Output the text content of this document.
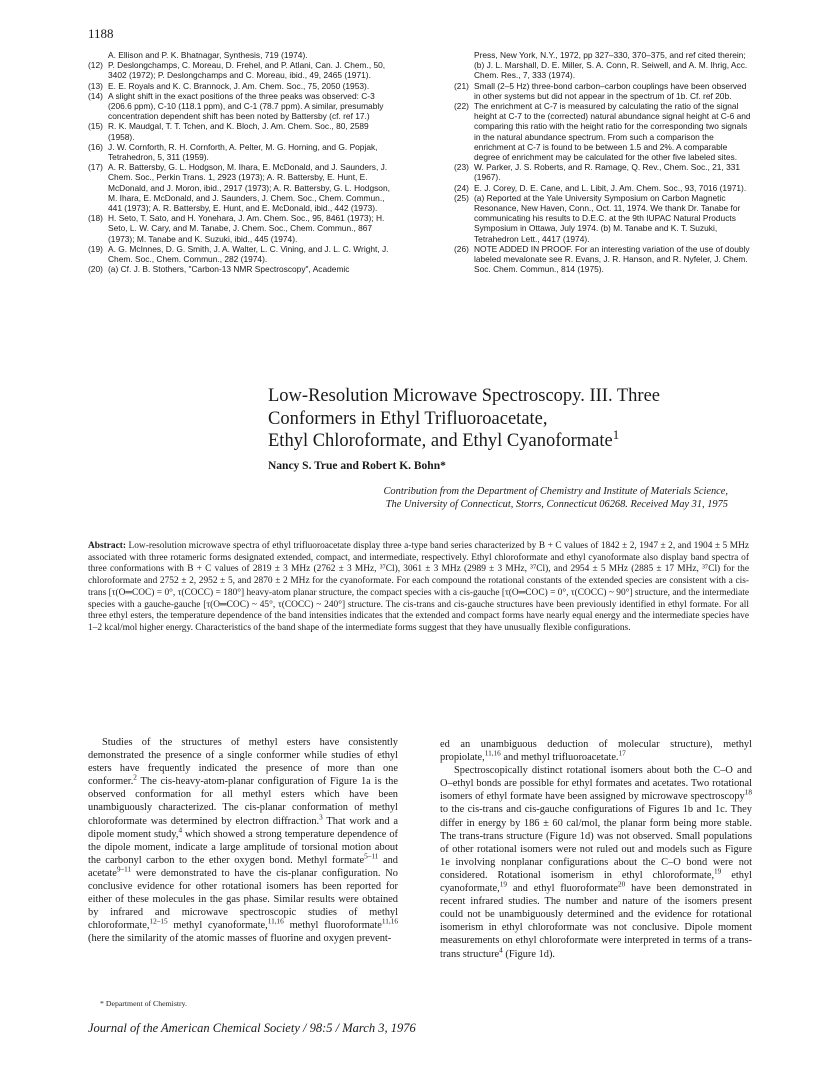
1188

A. Ellison and P. K. Bhatnagar, Synthesis, 719 (1974).

(12) P. Deslongchamps, C. Moreau, D. Frehel, and P. Atlani, Can. J. Chem., 50, 3402 (1972); P. Deslongchamps and C. Moreau, ibid., 49, 2465 (1971).

(13) E. E. Royals and K. C. Brannock, J. Am. Chem. Soc., 75, 2050 (1953).

(14) A slight shift in the exact positions of the three peaks was observed: C-3 (206.6 ppm), C-10 (118.1 ppm), and C-1 (78.7 ppm). A similar, presumably concentration dependent shift has been noted by Battersby (cf. ref 17.)

(15) R. K. Maudgal, T. T. Tchen, and K. Bloch, J. Am. Chem. Soc., 80, 2589 (1958).

(16) J. W. Cornforth, R. H. Cornforth, A. Pelter, M. G. Horning, and G. Popjak, Tetrahedron, 5, 311 (1959).

(17) A. R. Battersby, G. L. Hodgson, M. Ihara, E. McDonald, and J. Saunders, J. Chem. Soc., Perkin Trans. 1, 2923 (1973); A. R. Battersby, E. Hunt, E. McDonald, and J. Moron, ibid., 2917 (1973); A. R. Battersby, G. L. Hodgson, M. Ihara, E. McDonald, and J. Saunders, J. Chem. Soc., Chem. Commun., 441 (1973); A. R. Battersby, E. Hunt, and E. McDonald, ibid., 442 (1973).

(18) H. Seto, T. Sato, and H. Yonehara, J. Am. Chem. Soc., 95, 8461 (1973); H. Seto, L. W. Cary, and M. Tanabe, J. Chem. Soc., Chem. Commun., 867 (1973); M. Tanabe and K. Suzuki, ibid., 445 (1974).

(19) A. G. McInnes, D. G. Smith, J. A. Walter, L. C. Vining, and J. L. C. Wright, J. Chem. Soc., Chem. Commun., 282 (1974).

(20) (a) Cf. J. B. Stothers, "Carbon-13 NMR Spectroscopy", Academic

Press, New York, N.Y., 1972, pp 327–330, 370–375, and ref cited therein; (b) J. L. Marshall, D. E. Miller, S. A. Conn, R. Seiwell, and A. M. Ihrig, Acc. Chem. Res., 7, 333 (1974).

(21) Small (2–5 Hz) three-bond carbon–carbon couplings have been observed in other systems but did not appear in the spectrum of 1b. Cf. ref 20b.

(22) The enrichment at C-7 is measured by calculating the ratio of the signal height at C-7 to the (corrected) natural abundance signal height at C-6 and comparing this ratio with the height ratio for the corresponding two signals in the natural abundance spectrum. From such a comparison the enrichment at C-7 is found to be between 1.5 and 2%. A comparable degree of enrichment may be calculated for the other five labeled sites.

(23) W. Parker, J. S. Roberts, and R. Ramage, Q. Rev., Chem. Soc., 21, 331 (1967).

(24) E. J. Corey, D. E. Cane, and L. Libit, J. Am. Chem. Soc., 93, 7016 (1971).

(25) (a) Reported at the Yale University Symposium on Carbon Magnetic Resonance, New Haven, Conn., Oct. 11, 1974. We thank Dr. Tanabe for communicating his results to D.E.C. at the 9th IUPAC Natural Products Symposium in Ottawa, July 1974. (b) M. Tanabe and K. T. Suzuki, Tetrahedron Lett., 4417 (1974).

(26) NOTE ADDED IN PROOF. For an interesting variation of the use of doubly labeled mevalonate see R. Evans, J. R. Hanson, and R. Nyfeler, J. Chem. Soc. Chem. Commun., 814 (1975).

Low-Resolution Microwave Spectroscopy. III. Three
Conformers in Ethyl Trifluoroacetate,
Ethyl Chloroformate, and Ethyl Cyanoformate$^1$
Nancy S. True and Robert K. Bohn*
Contribution from the Department of Chemistry and Institute of Materials Science,
The University of Connecticut, Storrs, Connecticut 06268. Received May 31, 1975

Abstract: Low-resolution microwave spectra of ethyl trifluoroacetate display three a-type band series characterized by B + C values of 1842 ± 2, 1947 ± 2, and 1904 ± 5 MHz associated with three rotameric forms designated extended, compact, and intermediate, respectively. Ethyl chloroformate and ethyl cyanoformate also display band spectra of three conformations with B + C values of 2819 ± 3 MHz (2762 ± 3 MHz, ³⁷Cl), 3061 ± 3 MHz (2989 ± 3 MHz, ³⁷Cl), and 2954 ± 5 MHz (2885 ± 17 MHz, ³⁷Cl) for the chloroformate and 2752 ± 2, 2952 ± 5, and 2870 ± 2 MHz for the cyanoformate. For each compound the rotational constants of the extended species are consistent with a cis-trans [τ(O═COC) = 0°, τ(COCC) = 180°] heavy-atom planar structure, the compact species with a cis-gauche [τ(O═COC) = 0°, τ(COCC) ~ 90°] structure, and the intermediate species with a gauche-gauche [τ(O═COC) ~ 45°, τ(COCC) ~ 240°] structure. The cis-trans and cis-gauche structures have been previously identified in ethyl formate. For all three ethyl esters, the temperature dependence of the band intensities indicates that the extended and compact forms have nearly equal energy and the intermediate species have 1–2 kcal/mol higher energy. Characteristics of the band shape of the intermediate forms suggest that they have unusually flexible configurations.

Studies of the structures of methyl esters have consistently demonstrated the presence of a single conformer while studies of ethyl esters have frequently indicated the presence of more than one conformer.$^2$ The cis-heavy-atom-planar configuration of Figure 1a is the observed conformation for all methyl esters which have been unambiguously characterized. The cis-planar conformation of methyl chloroformate was determined by electron diffraction.$^3$ That work and a dipole moment study,$^4$ which showed a strong temperature dependence of the dipole moment, indicate a large amplitude of torsional motion about the carbonyl carbon to the ether oxygen bond. Methyl formate$^{5-11}$ and acetate$^{9-11}$ were demonstrated to have the cis-planar configuration. No conclusive evidence for other rotational isomers has been reported for either of these molecules in the gas phase. Similar results were obtained by infrared and microwave spectroscopic studies of methyl chloroformate,$^{12-15}$ methyl cyanoformate,$^{11,16}$ methyl fluoroformate$^{11,16}$ (here the similarity of the atomic masses of fluorine and oxygen prevent-

ed an unambiguous deduction of molecular structure), methyl propiolate,$^{11,16}$ and methyl trifluoroacetate.$^{17}$

Spectroscopically distinct rotational isomers about both the C–O and O–ethyl bonds are possible for ethyl formates and acetates. Two rotational isomers of ethyl formate have been assigned by microwave spectroscopy$^{18}$ to the cis-trans and cis-gauche configurations of Figures 1b and 1c. They differ in energy by 186 ± 60 cal/mol, the planar form being more stable. The trans-trans structure (Figure 1d) was not observed. Small populations of other rotational isomers were not ruled out and models such as Figure 1e involving nonplanar configurations about the C–O bond were not considered. Rotational isomerism in ethyl chloroformate,$^{19}$ ethyl cyanoformate,$^{19}$ and ethyl fluoroformate$^{20}$ have been demonstrated in recent infrared studies. The number and nature of the isomers present could not be unambiguously determined and the evidence for rotational isomerism in ethyl chloroformate was not conclusive. Dipole moment measurements on ethyl chloroformate were interpreted in terms of a trans-trans structure$^4$ (Figure 1d).

* Department of Chemistry.
Journal of the American Chemical Society / 98:5 / March 3, 1976
